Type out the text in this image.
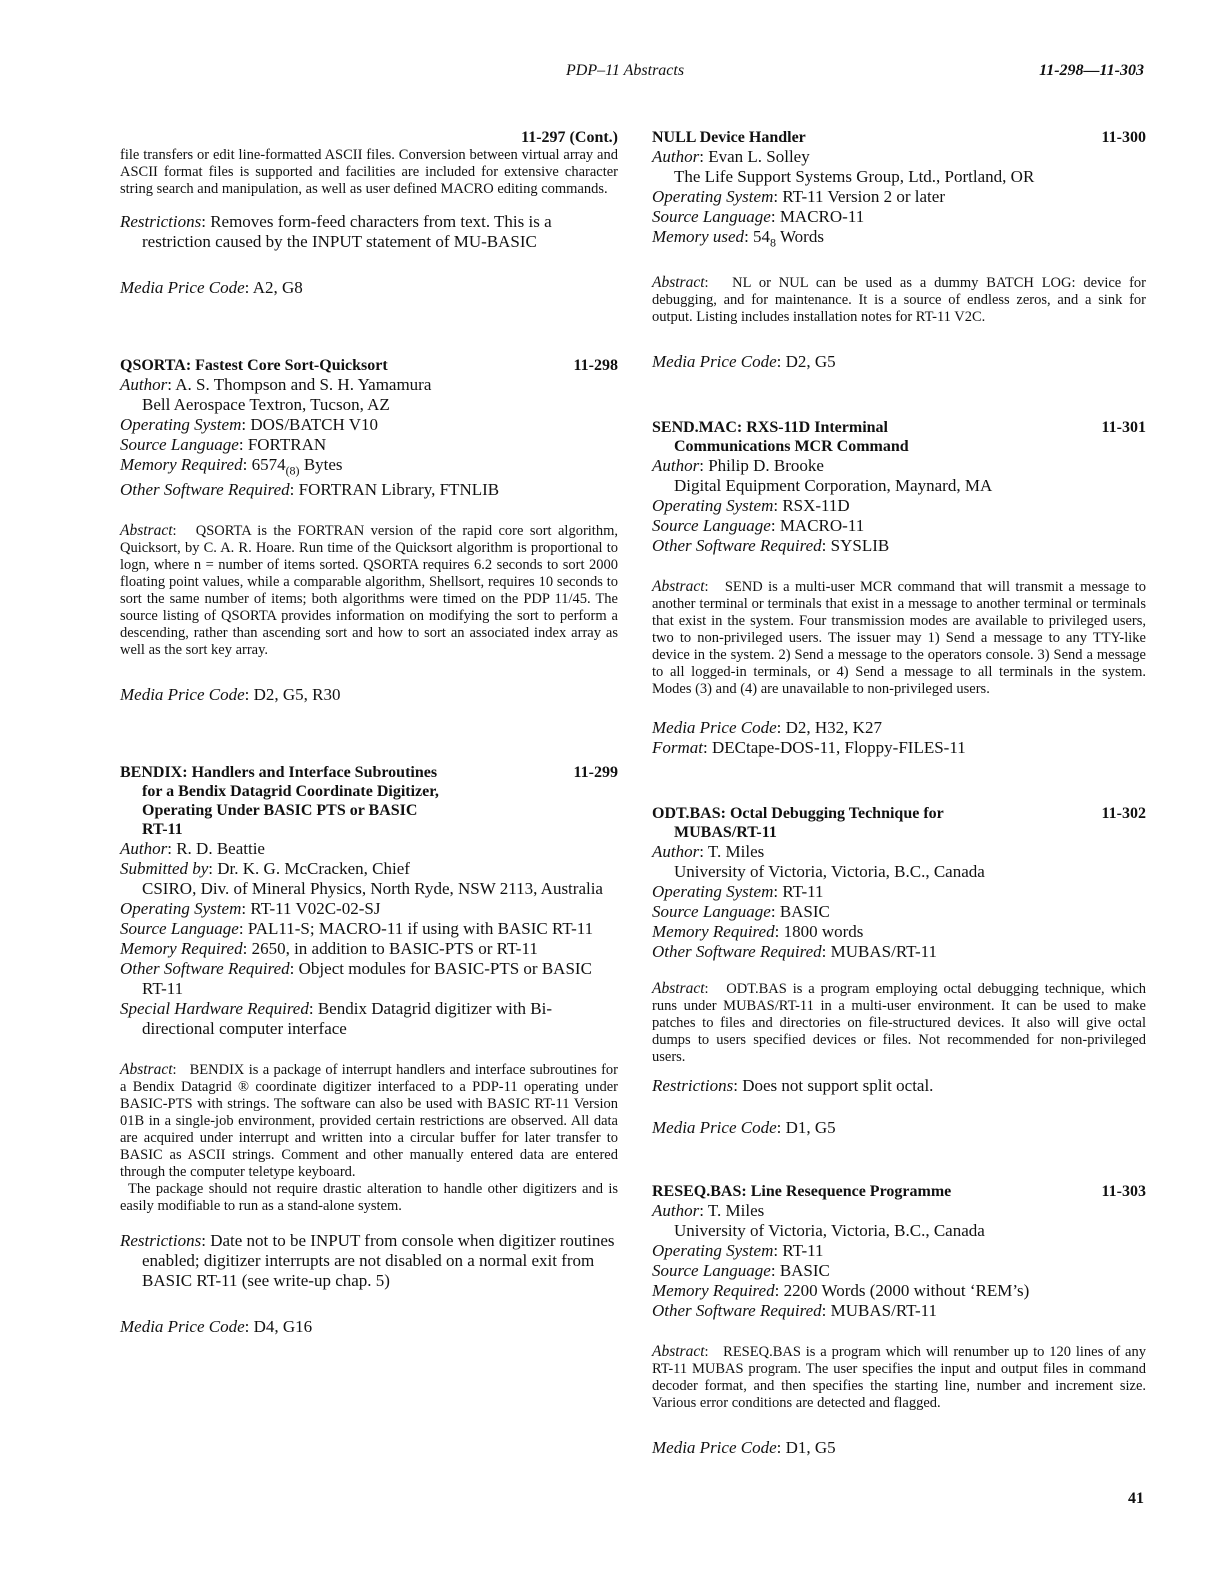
PDP–11 Abstracts	11-298—11-303
11-297 (Cont.)
file transfers or edit line-formatted ASCII files. Conversion between virtual array and ASCII format files is supported and facilities are included for extensive character string search and manipulation, as well as user defined MACRO editing commands.
Restrictions: Removes form-feed characters from text. This is a restriction caused by the INPUT statement of MU-BASIC
Media Price Code: A2, G8
QSORTA: Fastest Core Sort-Quicksort	11-298
Author: A. S. Thompson and S. H. Yamamura
Bell Aerospace Textron, Tucson, AZ
Operating System: DOS/BATCH V10
Source Language: FORTRAN
Memory Required: $6574_{(8)}$ Bytes
Other Software Required: FORTRAN Library, FTNLIB
Abstract:   QSORTA is the FORTRAN version of the rapid core sort algorithm, Quicksort, by C. A. R. Hoare. Run time of the Quicksort algorithm is proportional to logn, where n = number of items sorted. QSORTA requires 6.2 seconds to sort 2000 floating point values, while a comparable algorithm, Shellsort, requires 10 seconds to sort the same number of items; both algorithms were timed on the PDP 11/45. The source listing of QSORTA provides information on modifying the sort to perform a descending, rather than ascending sort and how to sort an associated index array as well as the sort key array.
Media Price Code: D2, G5, R30
BENDIX: Handlers and Interface Subroutines
for a Bendix Datagrid Coordinate Digitizer,
Operating Under BASIC PTS or BASIC
RT-11
11-299
Author: R. D. Beattie
Submitted by: Dr. K. G. McCracken, Chief
CSIRO, Div. of Mineral Physics, North Ryde, NSW 2113, Australia
Operating System: RT-11 V02C-02-SJ
Source Language: PAL11-S; MACRO-11 if using with BASIC RT-11
Memory Required: 2650, in addition to BASIC-PTS or RT-11
Other Software Required: Object modules for BASIC-PTS or BASIC RT-11
Special Hardware Required: Bendix Datagrid digitizer with Bi-directional computer interface

Abstract:   BENDIX is a package of interrupt handlers and interface subroutines for a Bendix Datagrid ® coordinate digitizer interfaced to a PDP-11 operating under BASIC-PTS with strings. The software can also be used with BASIC RT-11 Version 01B in a single-job environment, provided certain restrictions are observed. All data are acquired under interrupt and written into a circular buffer for later transfer to BASIC as ASCII strings. Comment and other manually entered data are entered through the computer teletype keyboard.

The package should not require drastic alteration to handle other digitizers and is easily modifiable to run as a stand-alone system.

Restrictions: Date not to be INPUT from console when digitizer routines enabled; digitizer interrupts are not disabled on a normal exit from BASIC RT-11 (see write-up chap. 5)
Media Price Code: D4, G16
NULL Device Handler	11-300
Author: Evan L. Solley
The Life Support Systems Group, Ltd., Portland, OR
Operating System: RT-11 Version 2 or later
Source Language: MACRO-11
Memory used: $54_8$ Words
Abstract:   NL or NUL can be used as a dummy BATCH LOG: device for debugging, and for maintenance. It is a source of endless zeros, and a sink for output. Listing includes installation notes for RT-11 V2C.
Media Price Code: D2, G5
SEND.MAC: RXS-11D Interminal
Communications MCR Command
11-301
Author: Philip D. Brooke
Digital Equipment Corporation, Maynard, MA
Operating System: RSX-11D
Source Language: MACRO-11
Other Software Required: SYSLIB
Abstract:   SEND is a multi-user MCR command that will transmit a message to another terminal or terminals that exist in a message to another terminal or terminals that exist in the system. Four transmission modes are available to privileged users, two to non-privileged users. The issuer may 1) Send a message to any TTY-like device in the system. 2) Send a message to the operators console. 3) Send a message to all logged-in terminals, or 4) Send a message to all terminals in the system. Modes (3) and (4) are unavailable to non-privileged users.
Media Price Code: D2, H32, K27
Format: DECtape-DOS-11, Floppy-FILES-11
ODT.BAS: Octal Debugging Technique for
MUBAS/RT-11
11-302
Author: T. Miles
University of Victoria, Victoria, B.C., Canada
Operating System: RT-11
Source Language: BASIC
Memory Required: 1800 words
Other Software Required: MUBAS/RT-11
Abstract:   ODT.BAS is a program employing octal debugging technique, which runs under MUBAS/RT-11 in a multi-user environment. It can be used to make patches to files and directories on file-structured devices. It also will give octal dumps to users specified devices or files. Not recommended for non-privileged users.
Restrictions: Does not support split octal.
Media Price Code: D1, G5
RESEQ.BAS: Line Resequence Programme	11-303
Author: T. Miles
University of Victoria, Victoria, B.C., Canada
Operating System: RT-11
Source Language: BASIC
Memory Required: 2200 Words (2000 without ‘REM’s)
Other Software Required: MUBAS/RT-11
Abstract:   RESEQ.BAS is a program which will renumber up to 120 lines of any RT-11 MUBAS program. The user specifies the input and output files in command decoder format, and then specifies the starting line, number and increment size. Various error conditions are detected and flagged.
Media Price Code: D1, G5
41
